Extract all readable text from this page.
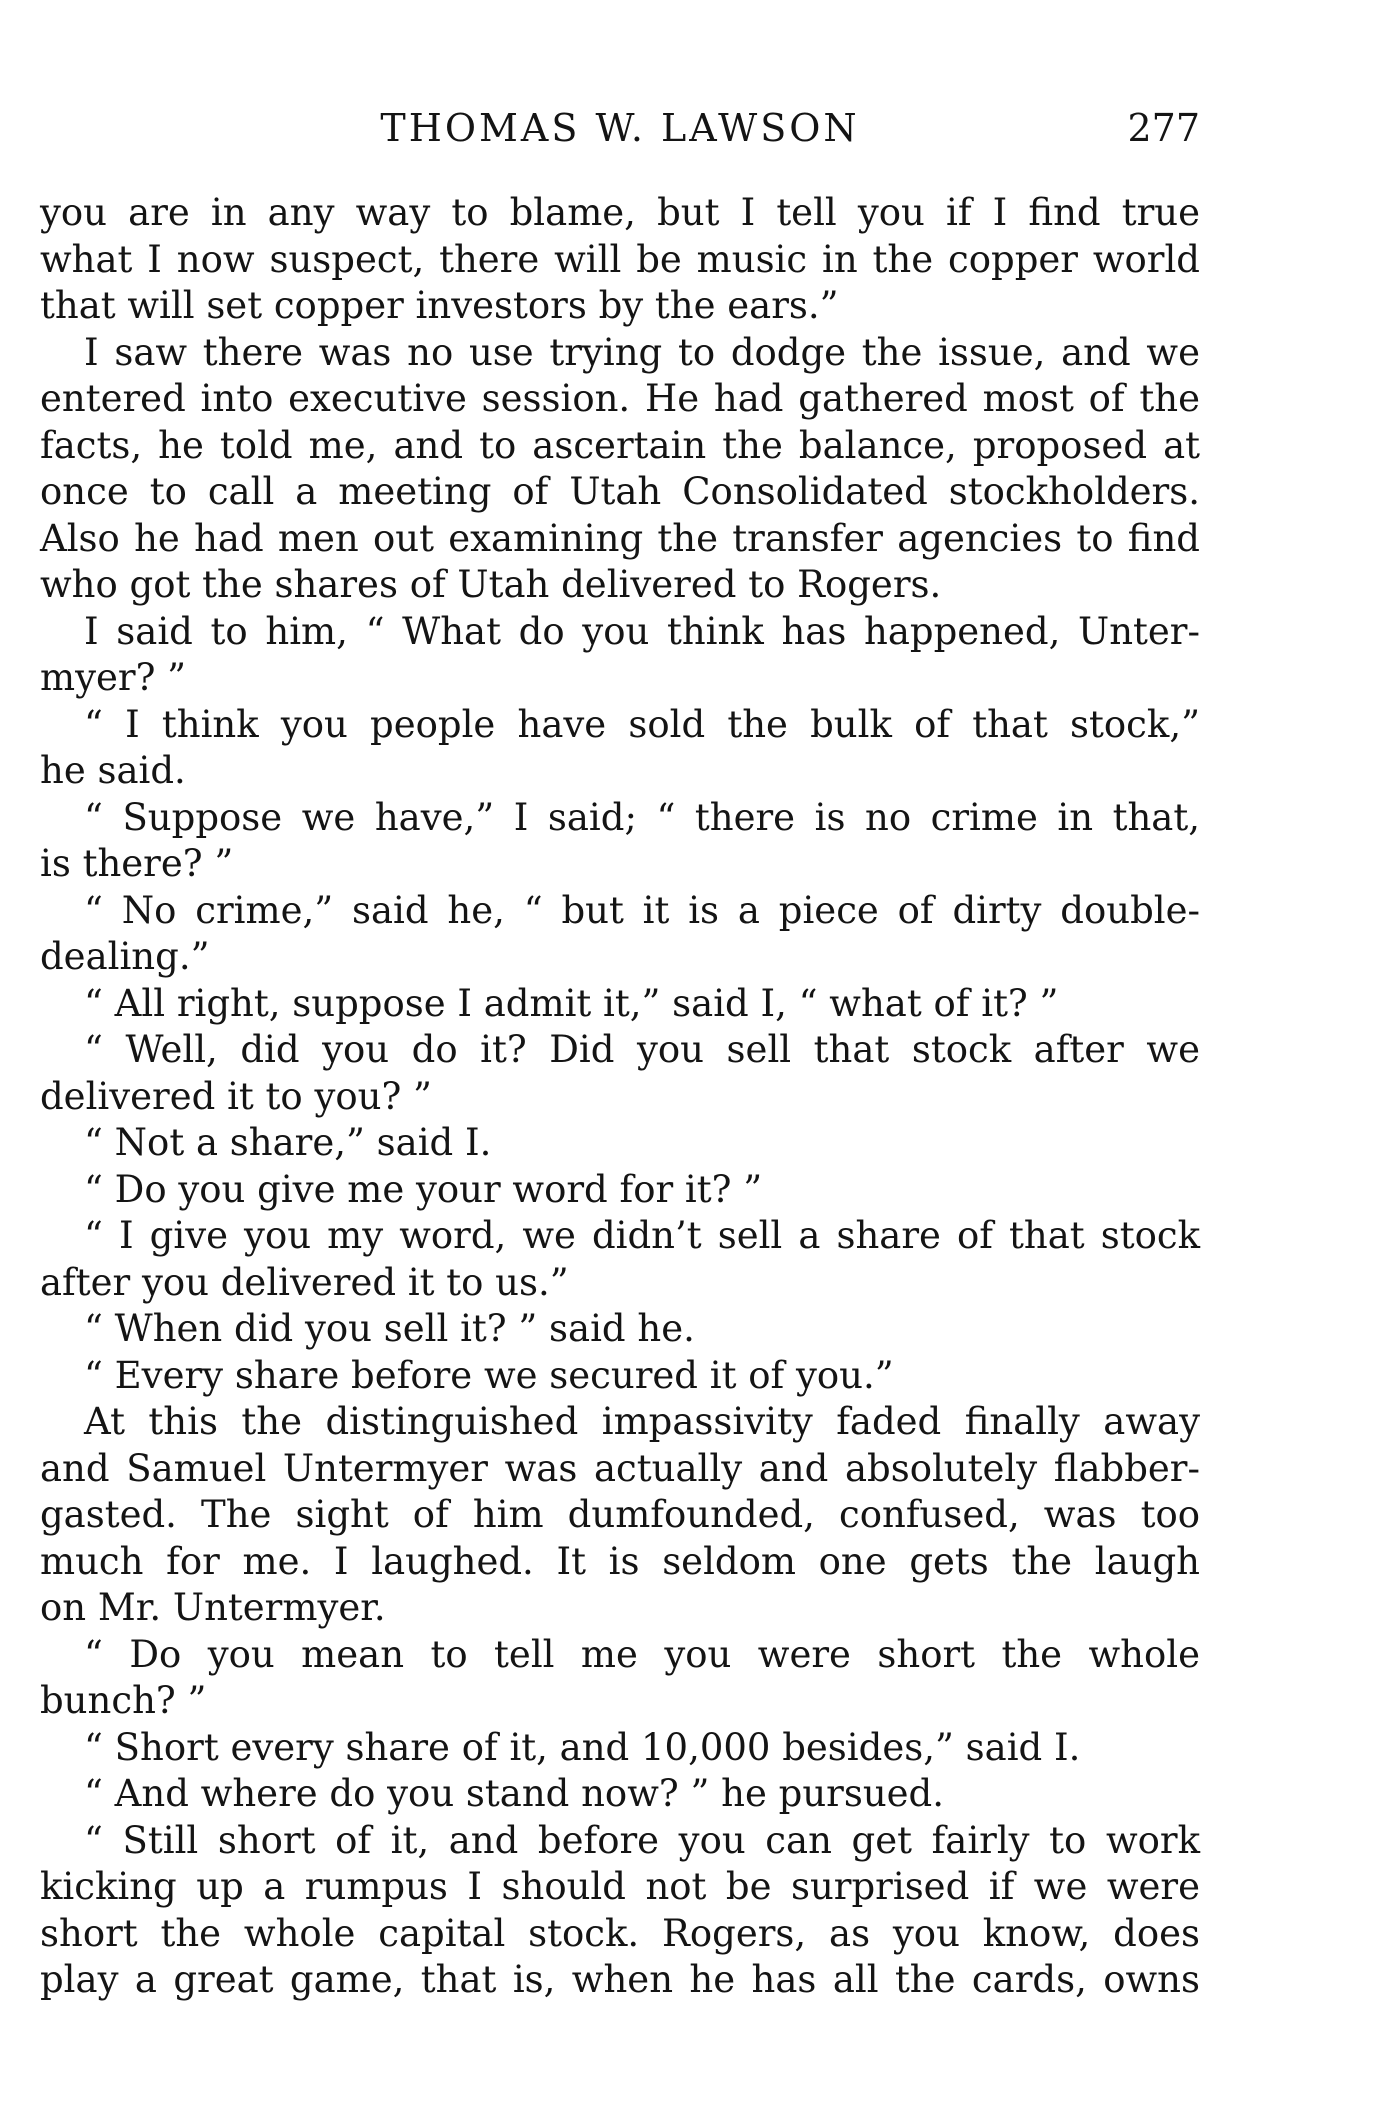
THOMAS W. LAWSON	277
you are in any way to blame, but I tell you if I find true
what I now suspect, there will be music in the copper world
that will set copper investors by the ears.”
I saw there was no use trying to dodge the issue, and we
entered into executive session. He had gathered most of the
facts, he told me, and to ascertain the balance, proposed at
once to call a meeting of Utah Consolidated stockholders.
Also he had men out examining the transfer agencies to find
who got the shares of Utah delivered to Rogers.
I said to him, “ What do you think has happened, Unter-
myer? ”
“ I think you people have sold the bulk of that stock,”
he said.
“ Suppose we have,” I said; “ there is no crime in that,
is there? ”
“ No crime,” said he, “ but it is a piece of dirty double-
dealing.”
“ All right, suppose I admit it,” said I, “ what of it? ”
“ Well, did you do it? Did you sell that stock after we
delivered it to you? ”
“ Not a share,” said I.
“ Do you give me your word for it? ”
“ I give you my word, we didn’t sell a share of that stock
after you delivered it to us.”
“ When did you sell it? ” said he.
“ Every share before we secured it of you.”
At this the distinguished impassivity faded finally away
and Samuel Untermyer was actually and absolutely flabber-
gasted. The sight of him dumfounded, confused, was too
much for me. I laughed. It is seldom one gets the laugh
on Mr. Untermyer.
“ Do you mean to tell me you were short the whole
bunch? ”
“ Short every share of it, and 10,000 besides,” said I.
“ And where do you stand now? ” he pursued.
“ Still short of it, and before you can get fairly to work
kicking up a rumpus I should not be surprised if we were
short the whole capital stock. Rogers, as you know, does
play a great game, that is, when he has all the cards, owns
